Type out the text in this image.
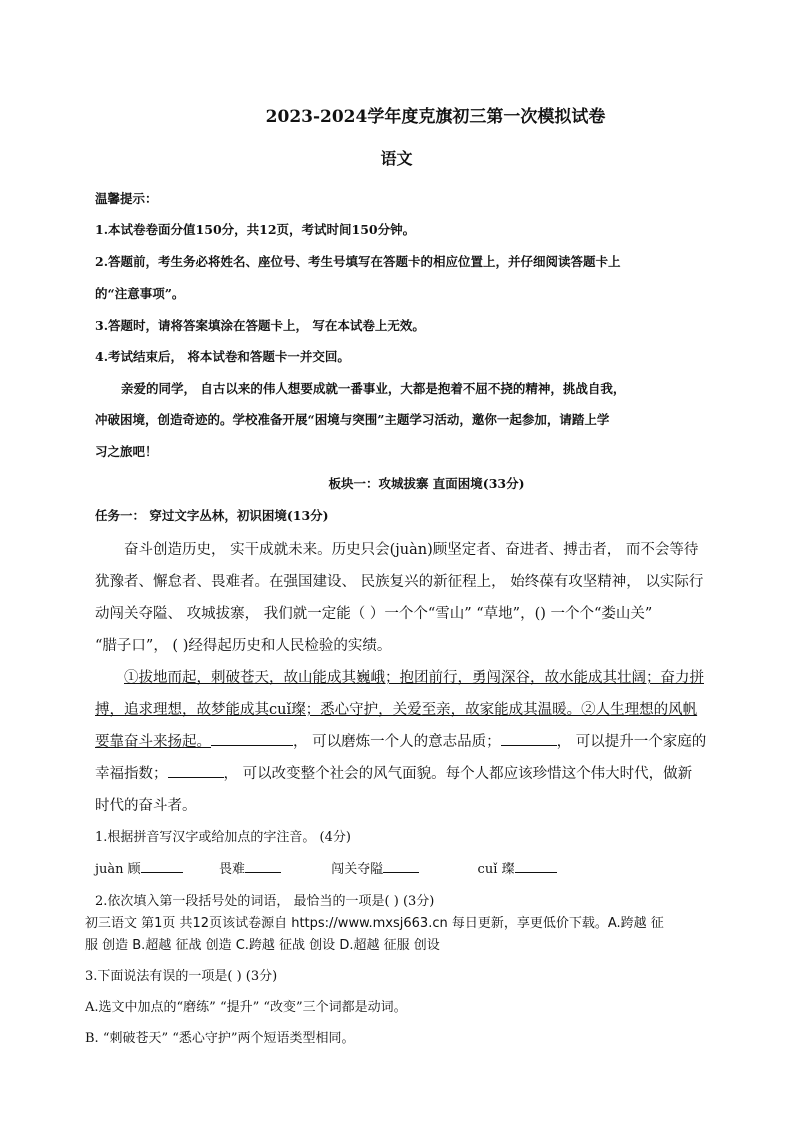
2023-2024学年度克旗初三第一次模拟试卷
语文
温馨提示：
1.本试卷卷面分值150分，共12页，考试时间150分钟。
2.答题前，考生务必将姓名、座位号、考生号填写在答题卡的相应位置上，并仔细阅读答题卡上
的“注意事项”。
3.答题时，请将答案填涂在答题卡上， 写在本试卷上无效。
4.考试结束后， 将本试卷和答题卡一并交回。
亲爱的同学， 自古以来的伟人想要成就一番事业，大都是抱着不屈不挠的精神，挑战自我，
冲破困境，创造奇迹的。学校准备开展“困境与突围”主题学习活动，邀你一起参加，请踏上学
习之旅吧！
板块一：攻城拔寨 直面困境(33分)
任务一： 穿过文字丛林，初识困境(13分)
奋斗创造历史， 实干成就未来。历史只会(juàn)顾坚定者、奋进者、搏击者， 而不会等待
犹豫者、懈怠者、畏难者。在强国建设、 民族复兴的新征程上， 始终葆有攻坚精神， 以实际行
动闯关夺隘、 攻城拔寨， 我们就一定能（ ）一个个“雪山” “草地”，() 一个个“娄山关”
“腊子口”， ( )经得起历史和人民检验的实绩。
①拔地而起，刺破苍天，故山能成其巍峨；抱团前行，勇闯深谷，故水能成其壮阔；奋力拼
搏，追求理想，故梦能成其cuǐ璨；悉心守护，关爱至亲，故家能成其温暖。②人生理想的风帆
要靠奋斗来扬起。	， 可以磨炼一个人的意志品质；	， 可以提升一个家庭的
幸福指数；	， 可以改变整个社会的风气面貌。每个人都应该珍惜这个伟大时代，做新
时代的奋斗者。
1.根据拼音写汉字或给加点的字注音。 (4分)
juàn 顾	畏难	闯关夺隘	cuǐ 璨
2.依次填入第一段括号处的词语， 最恰当的一项是( ) (3分)
初三语文 第1页 共12页该试卷源自 https://www.mxsj663.cn 每日更新，享更低价下载。A.跨越 征
服 创造 B.超越 征战 创造 C.跨越 征战 创设 D.超越 征服 创设
3.下面说法有误的一项是( ) (3分)
A.选文中加点的“磨练” “提升” “改变”三个词都是动词。
B. “刺破苍天” “悉心守护”两个短语类型相同。
